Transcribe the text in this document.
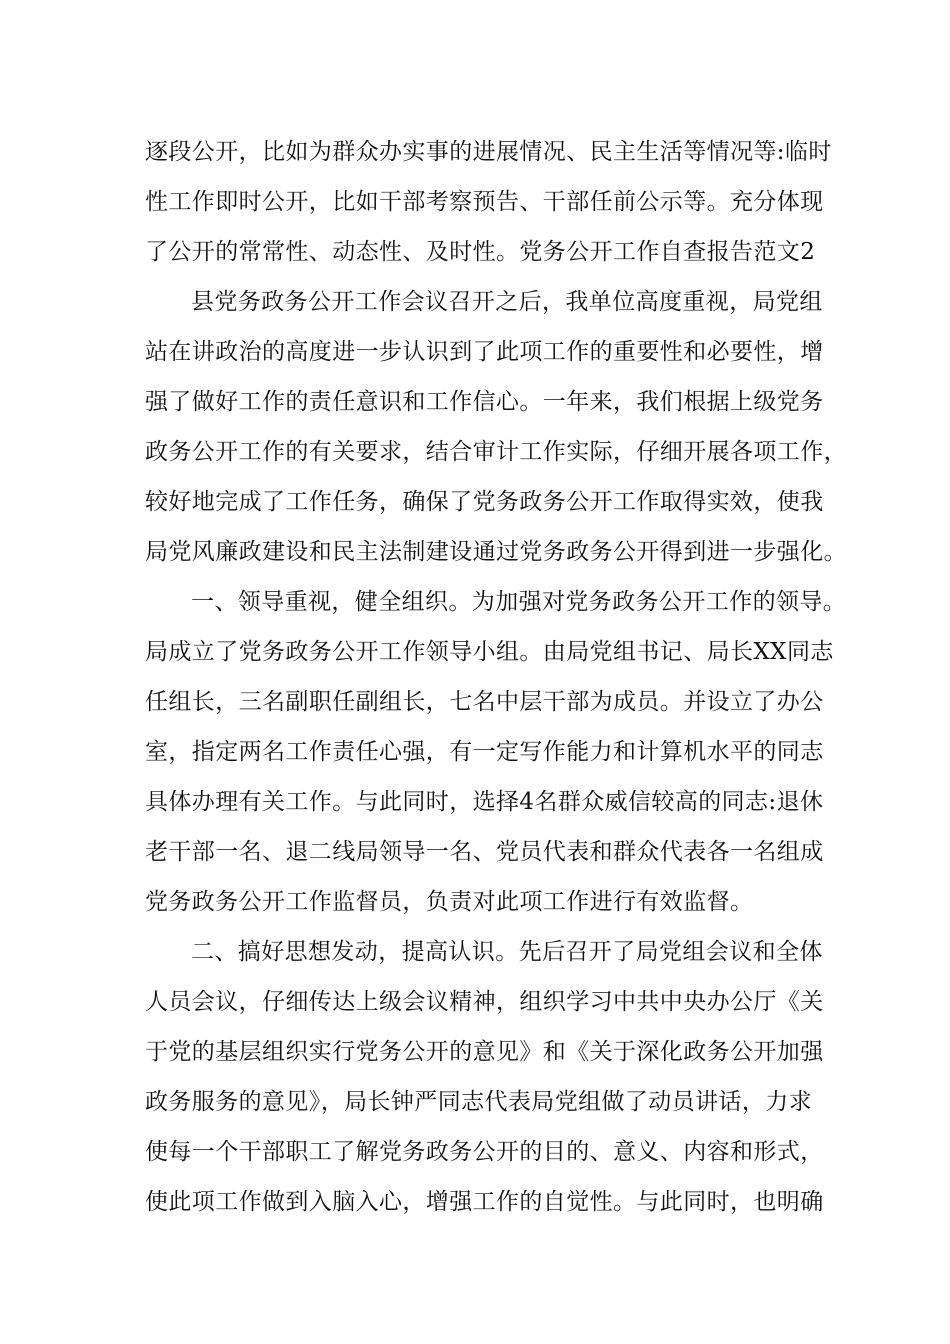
逐段公开，比如为群众办实事的进展情况、民主生活等情况等:临时
性工作即时公开，比如干部考察预告、干部任前公示等。充分体现
了公开的常常性、动态性、及时性。党务公开工作自查报告范文2
县党务政务公开工作会议召开之后，我单位高度重视，局党组
站在讲政治的高度进一步认识到了此项工作的重要性和必要性，增
强了做好工作的责任意识和工作信心。一年来，我们根据上级党务
政务公开工作的有关要求，结合审计工作实际，仔细开展各项工作，
较好地完成了工作任务，确保了党务政务公开工作取得实效，使我
局党风廉政建设和民主法制建设通过党务政务公开得到进一步强化。
一、领导重视，健全组织。为加强对党务政务公开工作的领导。
局成立了党务政务公开工作领导小组。由局党组书记、局长XX同志
任组长，三名副职任副组长，七名中层干部为成员。并设立了办公
室，指定两名工作责任心强，有一定写作能力和计算机水平的同志
具体办理有关工作。与此同时，选择4名群众威信较高的同志:退休
老干部一名、退二线局领导一名、党员代表和群众代表各一名组成
党务政务公开工作监督员，负责对此项工作进行有效监督。
二、搞好思想发动，提高认识。先后召开了局党组会议和全体
人员会议，仔细传达上级会议精神，组织学习中共中央办公厅《关
于党的基层组织实行党务公开的意见》和《关于深化政务公开加强
政务服务的意见》，局长钟严同志代表局党组做了动员讲话，力求
使每一个干部职工了解党务政务公开的目的、意义、内容和形式，
使此项工作做到入脑入心，增强工作的自觉性。与此同时，也明确
